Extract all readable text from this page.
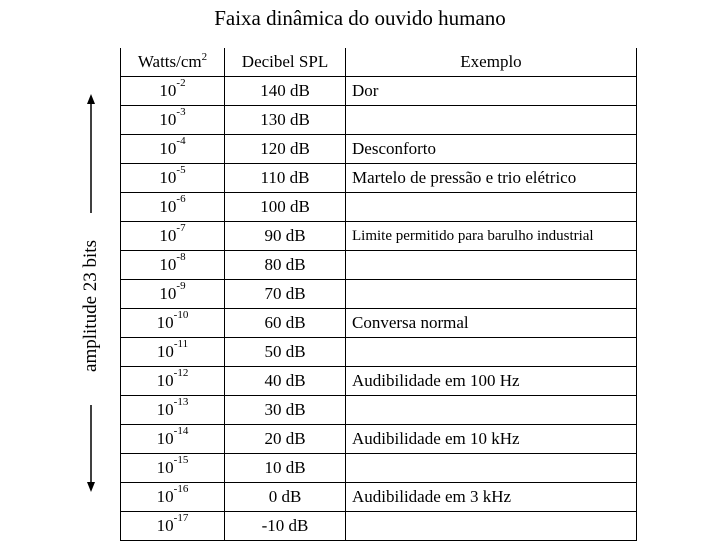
Faixa dinâmica do ouvido humano
amplitude 23 bits
Watts/$cm^2$	Decibel SPL	Exemplo
$10^{-2}$	140 dB	Dor
$10^{-3}$	130 dB	
$10^{-4}$	120 dB	Desconforto
$10^{-5}$	110 dB	Martelo de pressão e trio elétrico
$10^{-6}$	100 dB	
$10^{-7}$	90 dB	Limite permitido para barulho industrial
$10^{-8}$	80 dB	
$10^{-9}$	70 dB	
$10^{-10}$	60 dB	Conversa normal
$10^{-11}$	50 dB	
$10^{-12}$	40 dB	Audibilidade em 100 Hz
$10^{-13}$	30 dB	
$10^{-14}$	20 dB	Audibilidade em 10 kHz
$10^{-15}$	10 dB	
$10^{-16}$	0 dB	Audibilidade em 3 kHz
$10^{-17}$	-10 dB	
